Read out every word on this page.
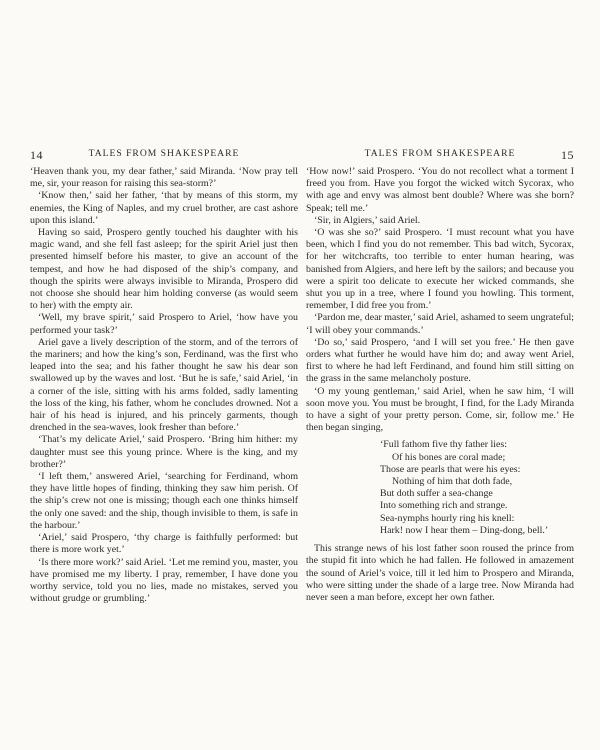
14	TALES FROM SHAKESPEARE

‘Heaven thank you, my dear father,’ said Miranda. ‘Now pray tell me, sir, your reason for raising this sea-storm?’

‘Know then,’ said her father, ‘that by means of this storm, my enemies, the King of Naples, and my cruel brother, are cast ashore upon this island.’

Having so said, Prospero gently touched his daughter with his magic wand, and she fell fast asleep; for the spirit Ariel just then presented himself before his master, to give an account of the tempest, and how he had disposed of the ship’s company, and though the spirits were always invisible to Miranda, Prospero did not choose she should hear him holding converse (as would seem to her) with the empty air.

‘Well, my brave spirit,’ said Prospero to Ariel, ‘how have you performed your task?’

Ariel gave a lively description of the storm, and of the terrors of the mariners; and how the king’s son, Ferdinand, was the first who leaped into the sea; and his father thought he saw his dear son swallowed up by the waves and lost. ‘But he is safe,’ said Ariel, ‘in a corner of the isle, sitting with his arms folded, sadly lamenting the loss of the king, his father, whom he concludes drowned. Not a hair of his head is injured, and his princely garments, though drenched in the sea-waves, look fresher than before.’

‘That’s my delicate Ariel,’ said Prospero. ‘Bring him hither: my daughter must see this young prince. Where is the king, and my brother?’

‘I left them,’ answered Ariel, ‘searching for Ferdinand, whom they have little hopes of finding, thinking they saw him perish. Of the ship’s crew not one is missing; though each one thinks himself the only one saved: and the ship, though invisible to them, is safe in the harbour.’

‘Ariel,’ said Prospero, ‘thy charge is faithfully performed: but there is more work yet.’

‘Is there more work?’ said Ariel. ‘Let me remind you, master, you have promised me my liberty. I pray, remember, I have done you worthy service, told you no lies, made no mistakes, served you without grudge or grumbling.’

TALES FROM SHAKESPEARE	15

‘How now!’ said Prospero. ‘You do not recollect what a torment I freed you from. Have you forgot the wicked witch Sycorax, who with age and envy was almost bent double? Where was she born? Speak; tell me.’

‘Sir, in Algiers,’ said Ariel.

‘O was she so?’ said Prospero. ‘I must recount what you have been, which I find you do not remember. This bad witch, Sycorax, for her witchcrafts, too terrible to enter human hearing, was banished from Algiers, and here left by the sailors; and because you were a spirit too delicate to execute her wicked commands, she shut you up in a tree, where I found you howling. This torment, remember, I did free you from.’

‘Pardon me, dear master,’ said Ariel, ashamed to seem ungrateful; ‘I will obey your commands.’

‘Do so,’ said Prospero, ‘and I will set you free.’ He then gave orders what further he would have him do; and away went Ariel, first to where he had left Ferdinand, and found him still sitting on the grass in the same melancholy posture.

‘O my young gentleman,’ said Ariel, when he saw him, ‘I will soon move you. You must be brought, I find, for the Lady Miranda to have a sight of your pretty person. Come, sir, follow me.’ He then began singing,

‘Full fathom five thy father lies:
Of his bones are coral made;
Those are pearls that were his eyes:
Nothing of him that doth fade,
But doth suffer a sea-change
Into something rich and strange.
Sea-nymphs hourly ring his knell:
Hark! now I hear them – Ding-dong, bell.’

This strange news of his lost father soon roused the prince from the stupid fit into which he had fallen. He followed in amazement the sound of Ariel’s voice, till it led him to Prospero and Miranda, who were sitting under the shade of a large tree. Now Miranda had never seen a man before, except her own father.
